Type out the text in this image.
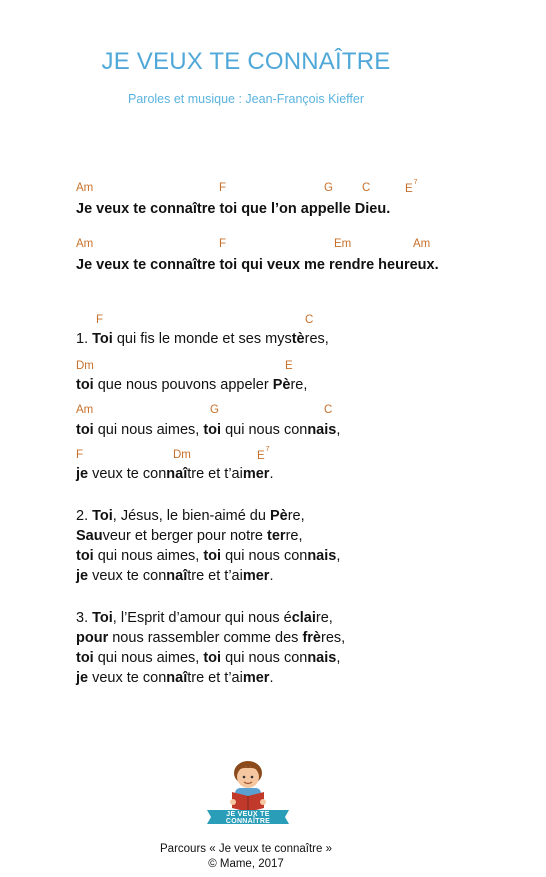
JE VEUX TE CONNAÎTRE
Paroles et musique : Jean-François Kieffer
Am	F	G	C	$E^7$
Je veux te connaître toi que l’on appelle Dieu.
Am	F	Em	Am
Je veux te connaître toi qui veux me rendre heureux.
F	C
1. Toi qui fis le monde et ses mystères,
Dm	E
toi que nous pouvons appeler Père,
Am	G	C
toi qui nous aimes, toi qui nous connais,
F	Dm	$E^7$
je veux te connaître et t’aimer.
2. Toi, Jésus, le bien-aimé du Père,
Sauveur et berger pour notre terre,
toi qui nous aimes, toi qui nous connais,
je veux te connaître et t’aimer.
3. Toi, l’Esprit d’amour qui nous éclaire,
pour nous rassembler comme des frères,
toi qui nous aimes, toi qui nous connais,
je veux te connaître et t’aimer.
JE VEUX TE CONNAÎTRE
Parcours « Je veux te connaître »
© Mame, 2017
